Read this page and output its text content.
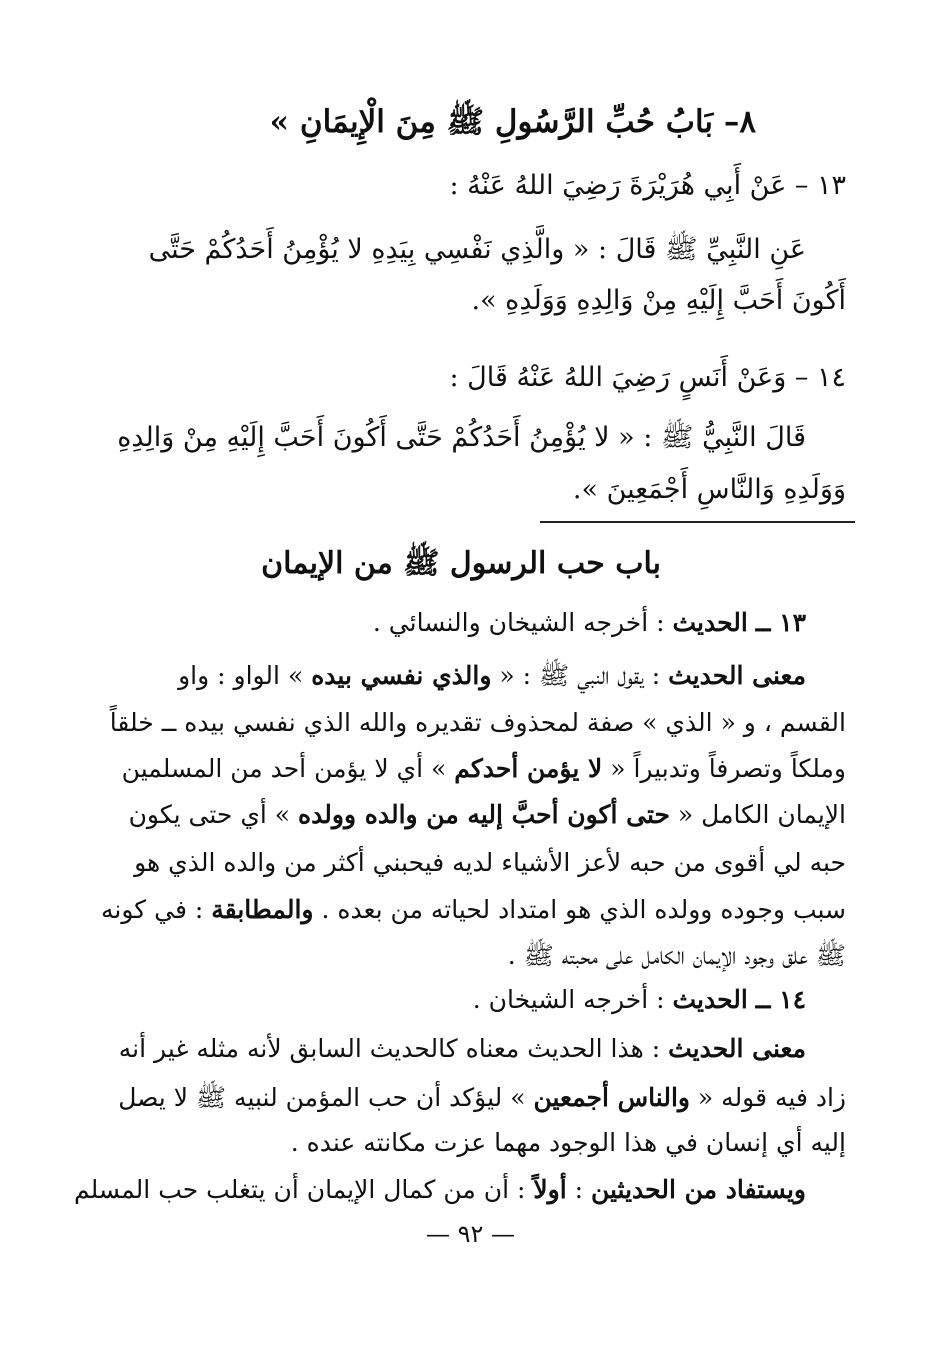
٨– بَابُ حُبِّ الرَّسُولِ ﷺ مِنَ الْإِيمَانِ »
١٣ – عَنْ أَبِي هُرَيْرَةَ رَضِيَ اللهُ عَنْهُ :
عَنِ النَّبِيِّ ﷺ قَالَ : « والَّذِي نَفْسِي بِيَدِهِ لا يُؤْمِنُ أَحَدُكُمْ حَتَّى
أَكُونَ أَحَبَّ إِلَيْهِ مِنْ وَالِدِهِ وَوَلَدِهِ ».
١٤ – وَعَنْ أَنَسٍ رَضِيَ اللهُ عَنْهُ قَالَ :
قَالَ النَّبِيُّ ﷺ : « لا يُؤْمِنُ أَحَدُكُمْ حَتَّى أَكُونَ أَحَبَّ إِلَيْهِ مِنْ وَالِدِهِ
وَوَلَدِهِ وَالنَّاسِ أَجْمَعِينَ ».
باب حب الرسول ﷺ من الإيمان
١٣ ــ الحديث : أخرجه الشيخان والنسائي .
معنى الحديث : يقول النبي ﷺ : « والذي نفسي بيده » الواو : واو
القسم ، و « الذي » صفة لمحذوف تقديره والله الذي نفسي بيده ــ خلقاً
وملكاً وتصرفاً وتدبيراً « لا يؤمن أحدكم » أي لا يؤمن أحد من المسلمين
الإيمان الكامل « حتى أكون أحبَّ إليه من والده وولده » أي حتى يكون
حبه لي أقوى من حبه لأعز الأشياء لديه فيحبني أكثر من والده الذي هو
سبب وجوده وولده الذي هو امتداد لحياته من بعده . والمطابقة : في كونه
ﷺ علق وجود الإيمان الكامل على محبته ﷺ .
١٤ ــ الحديث : أخرجه الشيخان .
معنى الحديث : هذا الحديث معناه كالحديث السابق لأنه مثله غير أنه
زاد فيه قوله « والناس أجمعين » ليؤكد أن حب المؤمن لنبيه ﷺ لا يصل
إليه أي إنسان في هذا الوجود مهما عزت مكانته عنده .
ويستفاد من الحديثين : أولاً : أن من كمال الإيمان أن يتغلب حب المسلم
— ٩٢ —
